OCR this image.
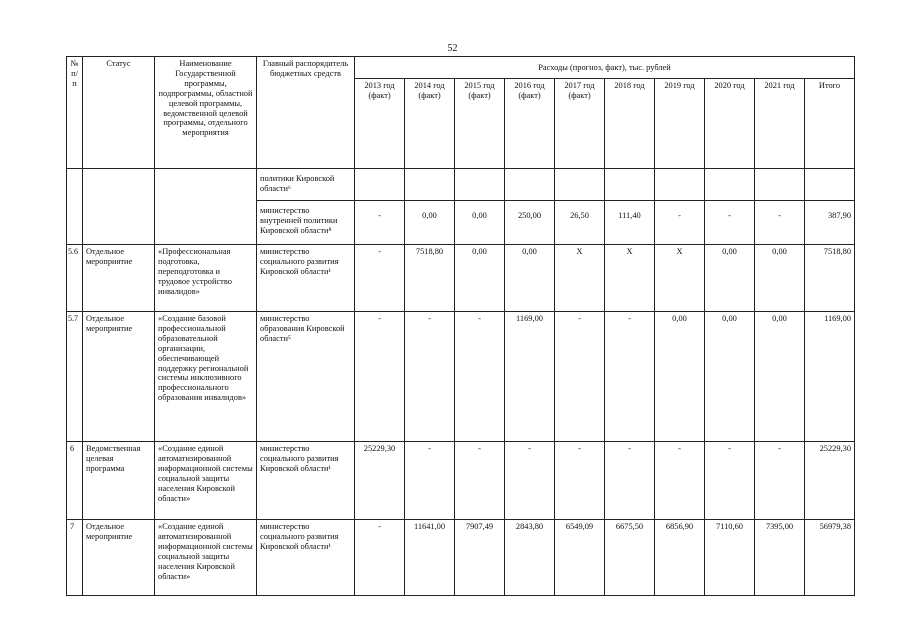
52
№ п/п	Статус	Наименование Государственной программы, подпрограммы, областной целевой программы, ведомственной целевой программы, отдельного мероприятия	Главный распорядитель бюджетных средств	Расходы (прогноз, факт), тыс. рублей									
				2013 год (факт)	2014 год (факт)	2015 год (факт)	2016 год (факт)	2017 год (факт)	2018 год	2019 год	2020 год	2021 год	Итого
			политики Кировской области⁶										
			министерство внутренней политики Кировской области⁸	-	0,00	0,00	250,00	26,50	111,40	-	-	-	387,90
5.6	Отдельное мероприятие	«Профессиональная подготовка, переподготовка и трудовое устройство инвалидов»	министерство социального развития Кировской области¹	-	7518,80	0,00	0,00	X	X	X	0,00	0,00	7518,80
5.7	Отдельное мероприятие	«Создание базовой профессиональной образовательной организации, обеспечивающей поддержку региональной системы инклюзивного профессионального образования инвалидов»	министерство образования Кировской области⁵	-	-	-	1169,00	-	-	0,00	0,00	0,00	1169,00
6	Ведомственная целевая программа	«Создание единой автоматизированной информационной системы социальной защиты населения Кировской области»	министерство социального развития Кировской области¹	25229,30	-	-	-	-	-	-	-	-	25229,30
7	Отдельное мероприятие	«Создание единой автоматизированной информационной системы социальной защиты населения Кировской области»	министерство социального развития Кировской области¹	-	11641,00	7907,49	2843,80	6549,09	6675,50	6856,90	7110,60	7395,00	56979,38
